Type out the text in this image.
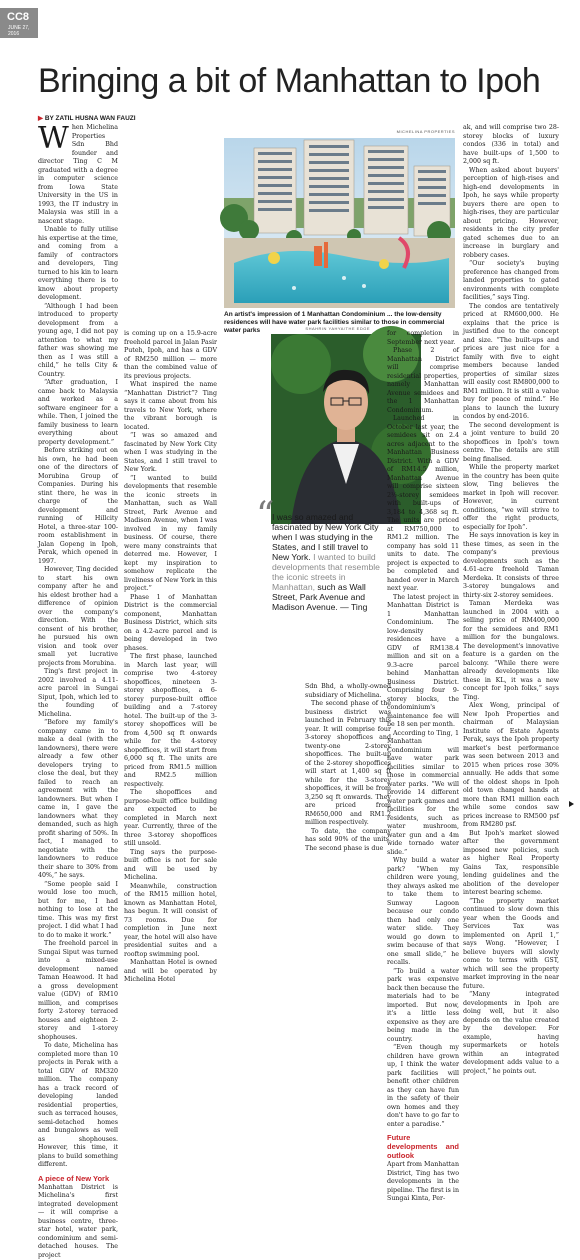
CC8
JUNE 27, 2016
Bringing a bit of Manhattan to Ipoh
▶ BY ZATIL HUSNA WAN FAUZI

When Michelina Properties Sdn Bhd founder and director Ting C M graduated with a degree in computer science from Iowa State University in the US in 1993, the IT industry in Malaysia was still in a nascent stage.

Unable to fully utilise his expertise at the time, and coming from a family of contractors and developers, Ting turned to his kin to learn everything there is to know about property development.

“Although I had been introduced to property development from a young age, I did not pay attention to what my father was showing me then as I was still a child,” he tells City & Country.

“After graduation, I came back to Malaysia and worked as a software engineer for a while. Then, I joined the family business to learn everything about property development.”

Before striking out on his own, he had been one of the directors of Morubina Group of Companies. During his stint there, he was in charge of the development and running of Hillcity Hotel, a three-star 100-room establishment in Jalan Gopeng in Ipoh, Perak, which opened in 1997.

However, Ting decided to start his own company after he and his eldest brother had a difference of opinion over the company's direction. With the consent of his brother, he pursued his own vision and took over small yet lucrative projects from Morubina.

Ting's first project in 2002 involved a 4.11-acre parcel in Sungai Siput, Ipoh, which led to the founding of Michelina.

“Before my family's company came in to make a deal (with the landowners), there were already a few other developers trying to close the deal, but they failed to reach an agreement with the landowners. But when I came in, I gave the landowners what they demanded, such as high profit sharing of 50%. In fact, I managed to negotiate with the landowners to reduce their share to 30% from 40%,” he says.

“Some people said I would lose too much, but for me, I had nothing to lose at the time. This was my first project. I did what I had to do to make it work.”

The freehold parcel in Sungai Siput was turned into a mixed-use development named Taman Heawood. It had a gross development value (GDV) of RM10 million, and comprises forty 2-storey terraced houses and eighteen 2-storey and 1-storey shophouses.

To date, Michelina has completed more than 10 projects in Perak with a total GDV of RM320 million. The company has a track record of developing landed residential properties, such as terraced houses, semi-detached homes and bungalows as well as shophouses. However, this time, it plans to build something different.

A piece of New York

Manhattan District is Michelina's first integrated development — it will comprise a business centre, three-star hotel, water park, condominium and semi-detached houses. The project

MICHELINA PROPERTIES
An artist's impression of 1 Manhattan Condominium ... the low-density residences will have water park facilities similar to those in commercial water parks

ak, and will comprise two 28-storey blocks of luxury condos (336 in total) and have built-ups of 1,500 to 2,000 sq ft.

When asked about buyers' perception of high-rises and high-end developments in Ipoh, he says while property buyers there are open to high-rises, they are particular about pricing. However, residents in the city prefer gated schemes due to an increase in burglary and robbery cases.

“Our society's buying preference has changed from landed properties to gated environments with complete facilities,” says Ting.

The condos are tentatively priced at RM600,000. He explains that the price is justified due to the concept and size. “The built-ups and prices are just nice for a family with five to eight members because landed properties of similar sizes will easily cost RM800,000 to RM1 million. It is still a value buy for peace of mind.” He plans to launch the luxury condos by end-2016.

The second development is a joint venture to build 20 shopoffices in Ipoh's town centre. The details are still being finalised.

While the property market in the country has been quite slow, Ting believes the market in Ipoh will recover. However, in current conditions, “we will strive to offer the right products, especially for Ipoh”.

He says innovation is key in these times, as seen in the company's previous developments such as the 4.61-acre freehold Taman Merdeka. It consists of three 3-storey bungalows and thirty-six 2-storey semidees.

Taman Merdeka was launched in 2004 with a selling price of RM400,000 for the semidees and RM1 million for the bungalows. The development's innovative feature is a garden on the balcony. “While there were already developments like these in KL, it was a new concept for Ipoh folks,” says Ting.

Alex Wong, principal of New Ipoh Properties and chairman of Malaysian Institute of Estate Agents Perak, says the Ipoh property market's best performance was seen between 2013 and 2015 when prices rose 30% annually. He adds that some of the oldest shops in Ipoh old town changed hands at more than RM1 million each while some condos saw prices increase to RM500 psf from RM280 psf.

But Ipoh's market slowed after the government imposed new policies, such as higher Real Property Gains Tax, responsible lending guidelines and the abolition of the developer interest bearing scheme.

“The property market continued to slow down this year when the Goods and Services Tax was implemented on April 1,” says Wong. “However, I believe buyers will slowly come to terms with GST, which will see the property market improving in the near future.

“Many integrated developments in Ipoh are doing well, but it also depends on the value created by the developer. For example, having supermarkets or hotels within an integrated development adds value to a project,” he points out.

is coming up on a 15.9-acre freehold parcel in Jalan Pasir Puteh, Ipoh, and has a GDV of RM250 million — more than the combined value of its previous projects.

What inspired the name “Manhattan District”? Ting says it came about from his travels to New York, where the vibrant borough is located.

“I was so amazed and fascinated by New York City when I was studying in the States, and I still travel to New York.

“I wanted to build developments that resemble the iconic streets in Manhattan, such as Wall Street, Park Avenue and Madison Avenue, when I was involved in my family business. Of course, there were many constraints that deterred me. However, I kept my inspiration to somehow replicate the liveliness of New York in this project.”

Phase 1 of Manhattan District is the commercial component, Manhattan Business District, which sits on a 4.2-acre parcel and is being developed in two phases.

The first phase, launched in March last year, will comprise two 4-storey shopoffices, nineteen 3-storey shopoffices, a 6-storey purpose-built office building and a 7-storey hotel. The built-up of the 3-storey shopoffices will be from 4,500 sq ft onwards while for the 4-storey shopoffices, it will start from 6,000 sq ft. The units are priced from RM1.5 million and RM2.5 million respectively.

The shopoffices and purpose-built office building are expected to be completed in March next year. Currently, three of the three 3-storey shopoffices still unsold.

Ting says the purpose-built office is not for sale and will be used by Michelina.

Meanwhile, construction of the RM15 million hotel, known as Manhattan Hotel, has begun. It will consist of 73 rooms. Due for completion in June next year, the hotel will also have presidential suites and a rooftop swimming pool.

Manhattan Hotel is owned and will be operated by Michelina Hotel

SHAHRIN YAHYA/THE EDGE
“
I was so amazed and fascinated by New York City when I was studying in the States, and I still travel to New York. I wanted to build developments that resemble the iconic streets in Manhattan, such as Wall Street, Park Avenue and Madison Avenue. — Ting

Sdn Bhd, a wholly-owned subsidiary of Michelina.

The second phase of the business district was launched in February this year. It will comprise four 3-storey shopoffices and twenty-one 2-storey shopoffices. The built-up of the 2-storey shopoffices will start at 1,400 sq ft while for the 3-storey shopoffices, it will be from 3,250 sq ft onwards. They are priced from RM650,000 and RM1.2 million respectively.

To date, the company has sold 90% of the units. The second phase is due

for completion in September next year.

Phase 2 of Manhattan District will comprise residential properties, namely Manhattan Avenue semidees and the 1 Manhattan Condominium.

Launched in October last year, the semidees sit on 2.4 acres adjacent to the Manhattan Business District. With a GDV of RM14.5 million, Manhattan Avenue will comprise sixteen 2½-storey semidees with built-ups of 3,184 to 4,368 sq ft. The units are priced at RM750,000 to RM1.2 million. The company has sold 11 units to date. The project is expected to be completed and handed over in March next year.

The latest project in Manhattan District is 1 Manhattan Condominium. The low-density residences have a GDV of RM138.4 million and sit on a 9.3-acre parcel behind Manhattan Business District. Comprising four 9-storey blocks, the condominium's maintenance fee will be 18 sen per month.

According to Ting, 1 Manhattan Condominium will have water park facilities similar to those in commercial water parks. “We will provide 14 different water park games and facilities for the residents, such as water mushroom, water gun and a 4m wide tornado water slide.”

Why build a water park? “When my children were young, they always asked me to take them to Sunway Lagoon because our condo then had only one water slide. They would go down to swim because of that one small slide,” he recalls.

“To build a water park was expensive back then because the materials had to be imported. But now, it's a little less expensive as they are being made in the country.

“Even though my children have grown up, I think the water park facilities will benefit other children as they can have fun in the safety of their own homes and they don't have to go far to enter a paradise.”

Future developments and outlook

Apart from Manhattan District, Ting has two developments in the pipeline. The first is in Sungai Kinta, Per-
